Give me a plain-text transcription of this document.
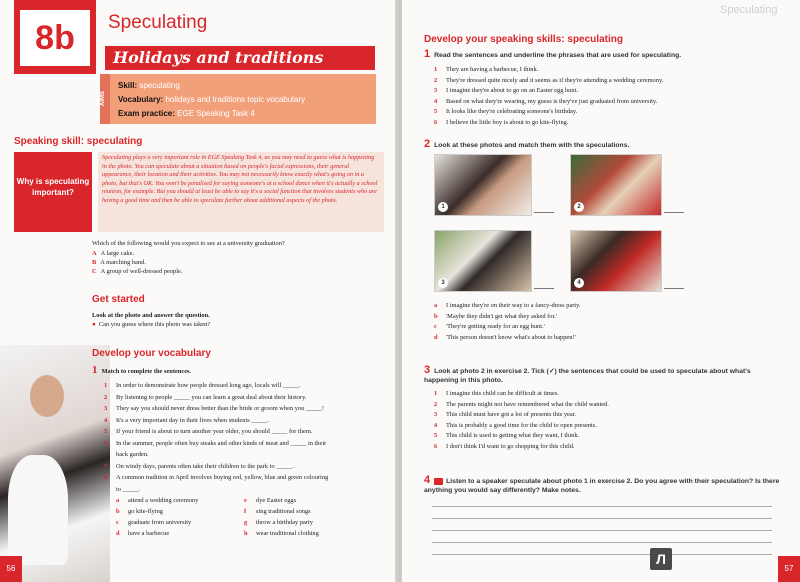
8b	Speculating
Holidays and traditions
AIMS
Skill: speculating
Vocabulary: holidays and traditions topic vocabulary
Exam practice: EGE Speaking Task 4
Speaking skill: speculating
Why is speculating important?
Speculating plays a very important role in EGE Speaking Task 4, as you may need to guess what is happening in the photo. You can speculate about a situation based on people's facial expressions, their general appearance, their location and their activities. You may not necessarily know exactly what's going on in a photo, but that's OK. You won't be penalised for saying someone's at a school dance when it's actually a school reunion, for example. But you should at least be able to say it's a social function that involves students who are having a good time and then be able to speculate further about additional aspects of the photo.
Which of the following would you expect to see at a university graduation?
A A large cake.
B A marching band.
C A group of well-dressed people.
Get started
Look at the photo and answer the question.
● Can you guess where this photo was taken?
Develop your vocabulary
1 Match to complete the sentences.
1 In order to demonstrate how people dressed long ago, locals will _____.
2 By listening to people _____ you can learn a great deal about their history.
3 They say you should never dress better than the bride or groom when you _____!
4 It's a very important day in their lives when students _____.
5 If your friend is about to turn another year older, you should _____ for them.
6 In the summer, people often buy steaks and other kinds of meat and _____ in their
back garden.
7 On windy days, parents often take their children to the park to _____.
8 A common tradition in April involves buying red, yellow, blue and green colouring
to _____.
a attend a wedding ceremony
b go kite-flying
c graduate from university
d have a barbecue
e dye Easter eggs
f sing traditional songs
g throw a birthday party
h wear traditional clothing
56
Speculating
Develop your speaking skills: speculating
1 Read the sentences and underline the phrases that are used for speculating.
1 They are having a barbecue, I think.
2 They're dressed quite nicely and it seems as if they're attending a wedding ceremony.
3 I imagine they're about to go on an Easter egg hunt.
4 Based on what they're wearing, my guess is they've just graduated from university.
5 It looks like they're celebrating someone's birthday.
6 I believe the little boy is about to go kite-flying.
2 Look at these photos and match them with the speculations.
1	2
3	4
a I imagine they're on their way to a fancy-dress party.
b 'Maybe they didn't get what they asked for.'
c 'They're getting ready for an egg hunt.'
d 'This person doesn't know what's about to happen!'
3 Look at photo 2 in exercise 2. Tick (✓) the sentences that could be used to speculate about what's happening in this photo.
1 I imagine this child can be difficult at times.
2 The parents might not have remembered what the child wanted.
3 This child must have got a lot of presents this year.
4 This is probably a good time for the child to open presents.
5 This child is used to getting what they want, I think.
6 I don't think I'd want to go shopping for this child.
4 Listen to a speaker speculate about photo 1 in exercise 2. Do you agree with their speculation? Is there anything you would say differently? Make notes.
57
Л
